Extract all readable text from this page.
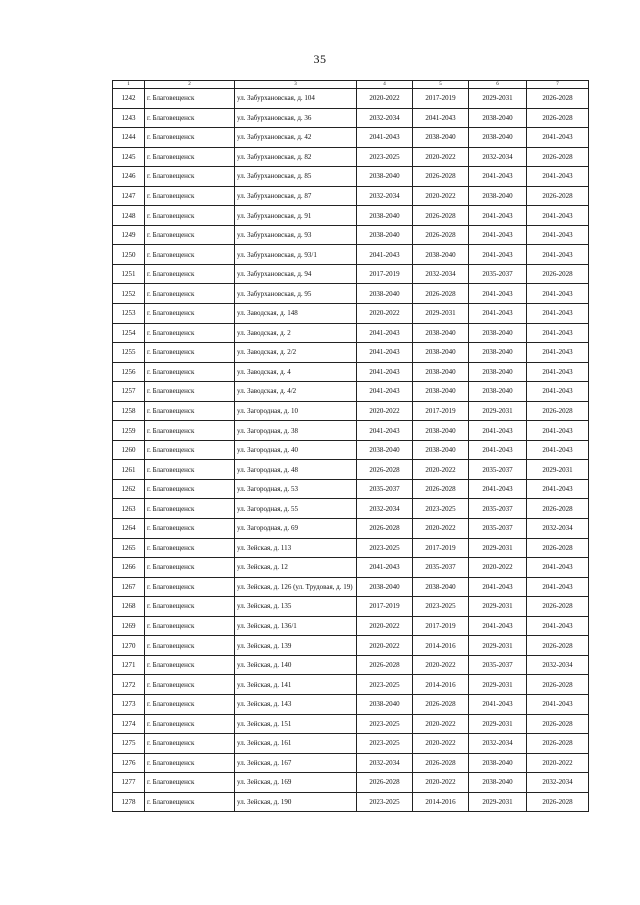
35
1	2	3	4	5	6	7
1242	г. Благовещенск	ул. Забурхановская, д. 104	2020-2022	2017-2019	2029-2031	2026-2028
1243	г. Благовещенск	ул. Забурхановская, д. 36	2032-2034	2041-2043	2038-2040	2026-2028
1244	г. Благовещенск	ул. Забурхановская, д. 42	2041-2043	2038-2040	2038-2040	2041-2043
1245	г. Благовещенск	ул. Забурхановская, д. 82	2023-2025	2020-2022	2032-2034	2026-2028
1246	г. Благовещенск	ул. Забурхановская, д. 85	2038-2040	2026-2028	2041-2043	2041-2043
1247	г. Благовещенск	ул. Забурхановская, д. 87	2032-2034	2020-2022	2038-2040	2026-2028
1248	г. Благовещенск	ул. Забурхановская, д. 91	2038-2040	2026-2028	2041-2043	2041-2043
1249	г. Благовещенск	ул. Забурхановская, д. 93	2038-2040	2026-2028	2041-2043	2041-2043
1250	г. Благовещенск	ул. Забурхановская, д. 93/1	2041-2043	2038-2040	2041-2043	2041-2043
1251	г. Благовещенск	ул. Забурхановская, д. 94	2017-2019	2032-2034	2035-2037	2026-2028
1252	г. Благовещенск	ул. Забурхановская, д. 95	2038-2040	2026-2028	2041-2043	2041-2043
1253	г. Благовещенск	ул. Заводская, д. 148	2020-2022	2029-2031	2041-2043	2041-2043
1254	г. Благовещенск	ул. Заводская, д. 2	2041-2043	2038-2040	2038-2040	2041-2043
1255	г. Благовещенск	ул. Заводская, д. 2/2	2041-2043	2038-2040	2038-2040	2041-2043
1256	г. Благовещенск	ул. Заводская, д. 4	2041-2043	2038-2040	2038-2040	2041-2043
1257	г. Благовещенск	ул. Заводская, д. 4/2	2041-2043	2038-2040	2038-2040	2041-2043
1258	г. Благовещенск	ул. Загородная, д. 10	2020-2022	2017-2019	2029-2031	2026-2028
1259	г. Благовещенск	ул. Загородная, д. 38	2041-2043	2038-2040	2041-2043	2041-2043
1260	г. Благовещенск	ул. Загородная, д. 40	2038-2040	2038-2040	2041-2043	2041-2043
1261	г. Благовещенск	ул. Загородная, д. 48	2026-2028	2020-2022	2035-2037	2029-2031
1262	г. Благовещенск	ул. Загородная, д. 53	2035-2037	2026-2028	2041-2043	2041-2043
1263	г. Благовещенск	ул. Загородная, д. 55	2032-2034	2023-2025	2035-2037	2026-2028
1264	г. Благовещенск	ул. Загородная, д. 69	2026-2028	2020-2022	2035-2037	2032-2034
1265	г. Благовещенск	ул. Зейская, д. 113	2023-2025	2017-2019	2029-2031	2026-2028
1266	г. Благовещенск	ул. Зейская, д. 12	2041-2043	2035-2037	2020-2022	2041-2043
1267	г. Благовещенск	ул. Зейская, д. 126 (ул. Трудовая, д. 19)	2038-2040	2038-2040	2041-2043	2041-2043
1268	г. Благовещенск	ул. Зейская, д. 135	2017-2019	2023-2025	2029-2031	2026-2028
1269	г. Благовещенск	ул. Зейская, д. 136/1	2020-2022	2017-2019	2041-2043	2041-2043
1270	г. Благовещенск	ул. Зейская, д. 139	2020-2022	2014-2016	2029-2031	2026-2028
1271	г. Благовещенск	ул. Зейская, д. 140	2026-2028	2020-2022	2035-2037	2032-2034
1272	г. Благовещенск	ул. Зейская, д. 141	2023-2025	2014-2016	2029-2031	2026-2028
1273	г. Благовещенск	ул. Зейская, д. 143	2038-2040	2026-2028	2041-2043	2041-2043
1274	г. Благовещенск	ул. Зейская, д. 151	2023-2025	2020-2022	2029-2031	2026-2028
1275	г. Благовещенск	ул. Зейская, д. 161	2023-2025	2020-2022	2032-2034	2026-2028
1276	г. Благовещенск	ул. Зейская, д. 167	2032-2034	2026-2028	2038-2040	2020-2022
1277	г. Благовещенск	ул. Зейская, д. 169	2026-2028	2020-2022	2038-2040	2032-2034
1278	г. Благовещенск	ул. Зейская, д. 190	2023-2025	2014-2016	2029-2031	2026-2028
